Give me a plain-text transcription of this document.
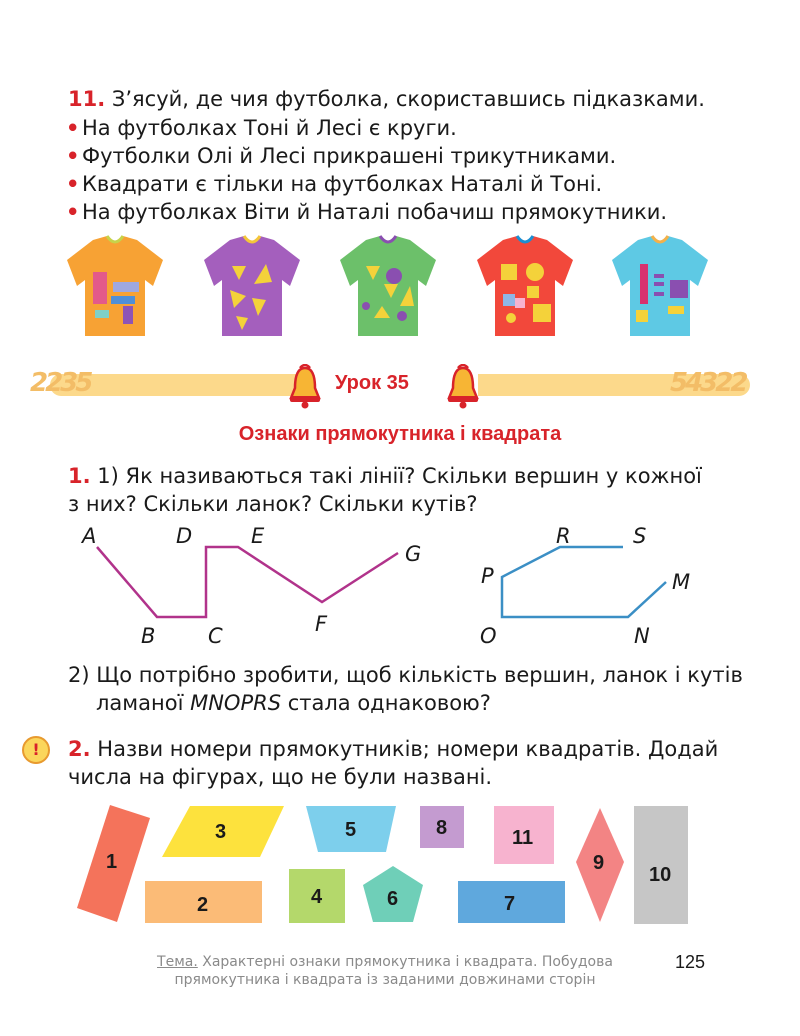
11. З’ясуй, де чия футболка, скориставшись підказками.
• На футболках Тоні й Лесі є круги.
• Футболки Олі й Лесі прикрашені трикутниками.
• Квадрати є тільки на футболках Наталі й Тоні.
• На футболках Віти й Наталі побачиш прямокутники.
2235	54322
Урок 35
Ознаки прямокутника і квадрата
1. 1) Як називаються такі лінії? Скільки вершин у кожної
з них? Скільки ланок? Скільки кутів?
A	D	E
G
B	C	F
R	S
P	M
O	N
2) Що потрібно зробити, щоб кількість вершин, ланок і кутів
ламаної MNOPRS стала однаковою?
!	2. Назви номери прямокутників; номери квадратів. Додай
числа на фігурах, що не були названі.
1
3	5	8	11
9
10
2	4	6	7
Тема. Характерні ознаки прямокутника і квадрата. Побудова
прямокутника і квадрата із заданими довжинами сторін
125
